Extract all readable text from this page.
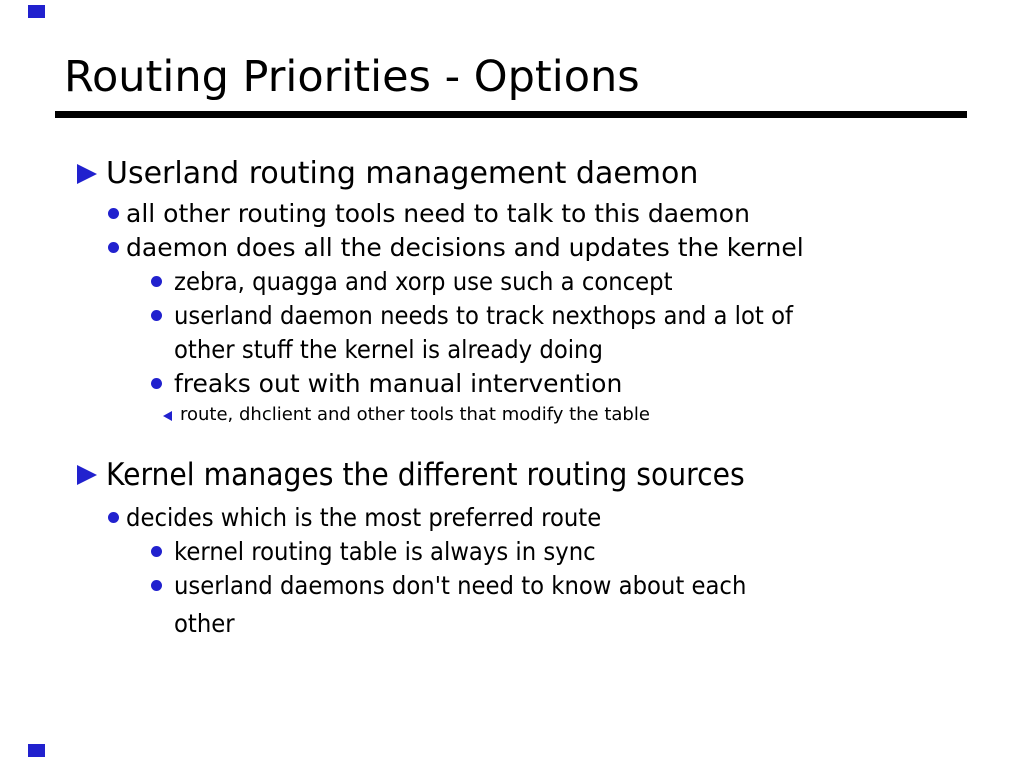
Routing Priorities - Options
Userland routing management daemon
all other routing tools need to talk to this daemon
daemon does all the decisions and updates the kernel
zebra, quagga and xorp use such a concept
userland daemon needs to track nexthops and a lot of
other stuff the kernel is already doing
freaks out with manual intervention
route, dhclient and other tools that modify the table
Kernel manages the different routing sources
decides which is the most preferred route
kernel routing table is always in sync
userland daemons don't need to know about each
other
